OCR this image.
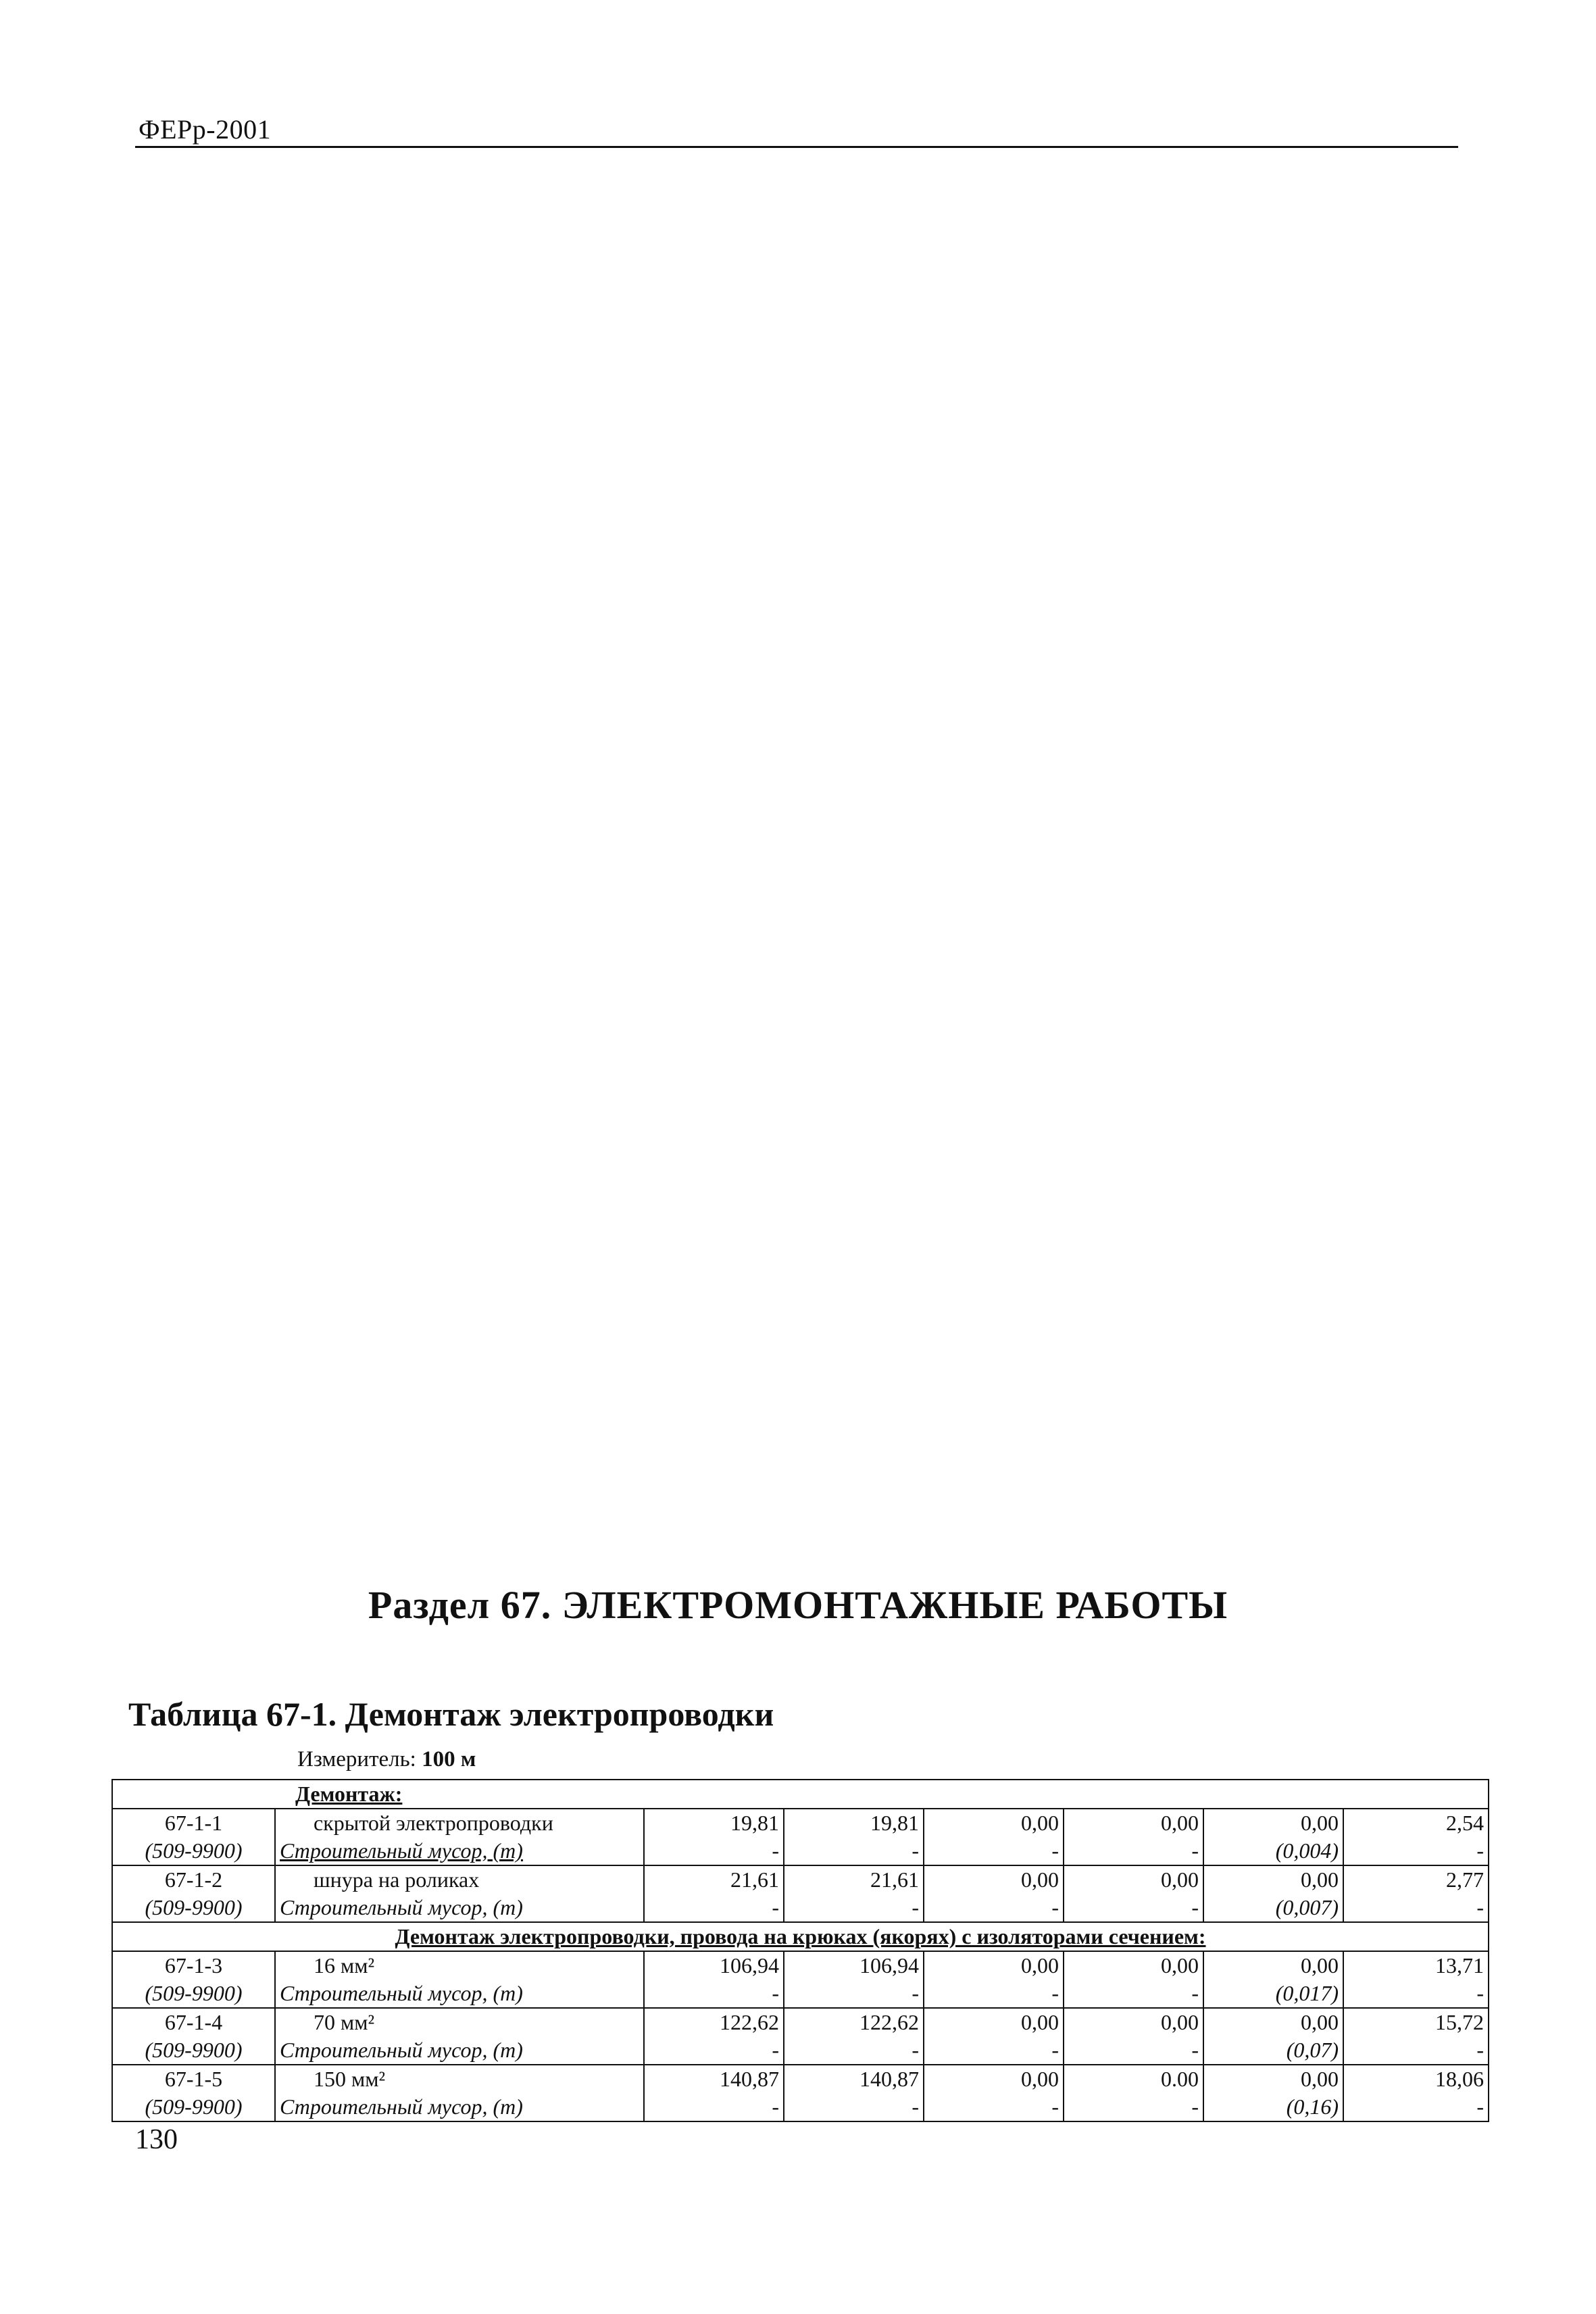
ФЕРр-2001
Раздел 67. ЭЛЕКТРОМОНТАЖНЫЕ РАБОТЫ
Таблица 67-1. Демонтаж электропроводки
Измеритель: 100 м
Демонтаж:							
67-1-1	скрытой электропроводки	19,81	19,81	0,00	0,00	0,00	2,54
(509-9900)	Строительный мусор, (т)	-	-	-	-	(0,004)	-
67-1-2	шнура на роликах	21,61	21,61	0,00	0,00	0,00	2,77
(509-9900)	Строительный мусор, (т)	-	-	-	-	(0,007)	-
Демонтаж электропроводки, провода на крюках (якорях) с изоляторами сечением:							
67-1-3	16 мм²	106,94	106,94	0,00	0,00	0,00	13,71
(509-9900)	Строительный мусор, (т)	-	-	-	-	(0,017)	-
67-1-4	70 мм²	122,62	122,62	0,00	0,00	0,00	15,72
(509-9900)	Строительный мусор, (т)	-	-	-	-	(0,07)	-
67-1-5	150 мм²	140,87	140,87	0,00	0.00	0,00	18,06
(509-9900)	Строительный мусор, (т)	-	-	-	-	(0,16)	-
130
